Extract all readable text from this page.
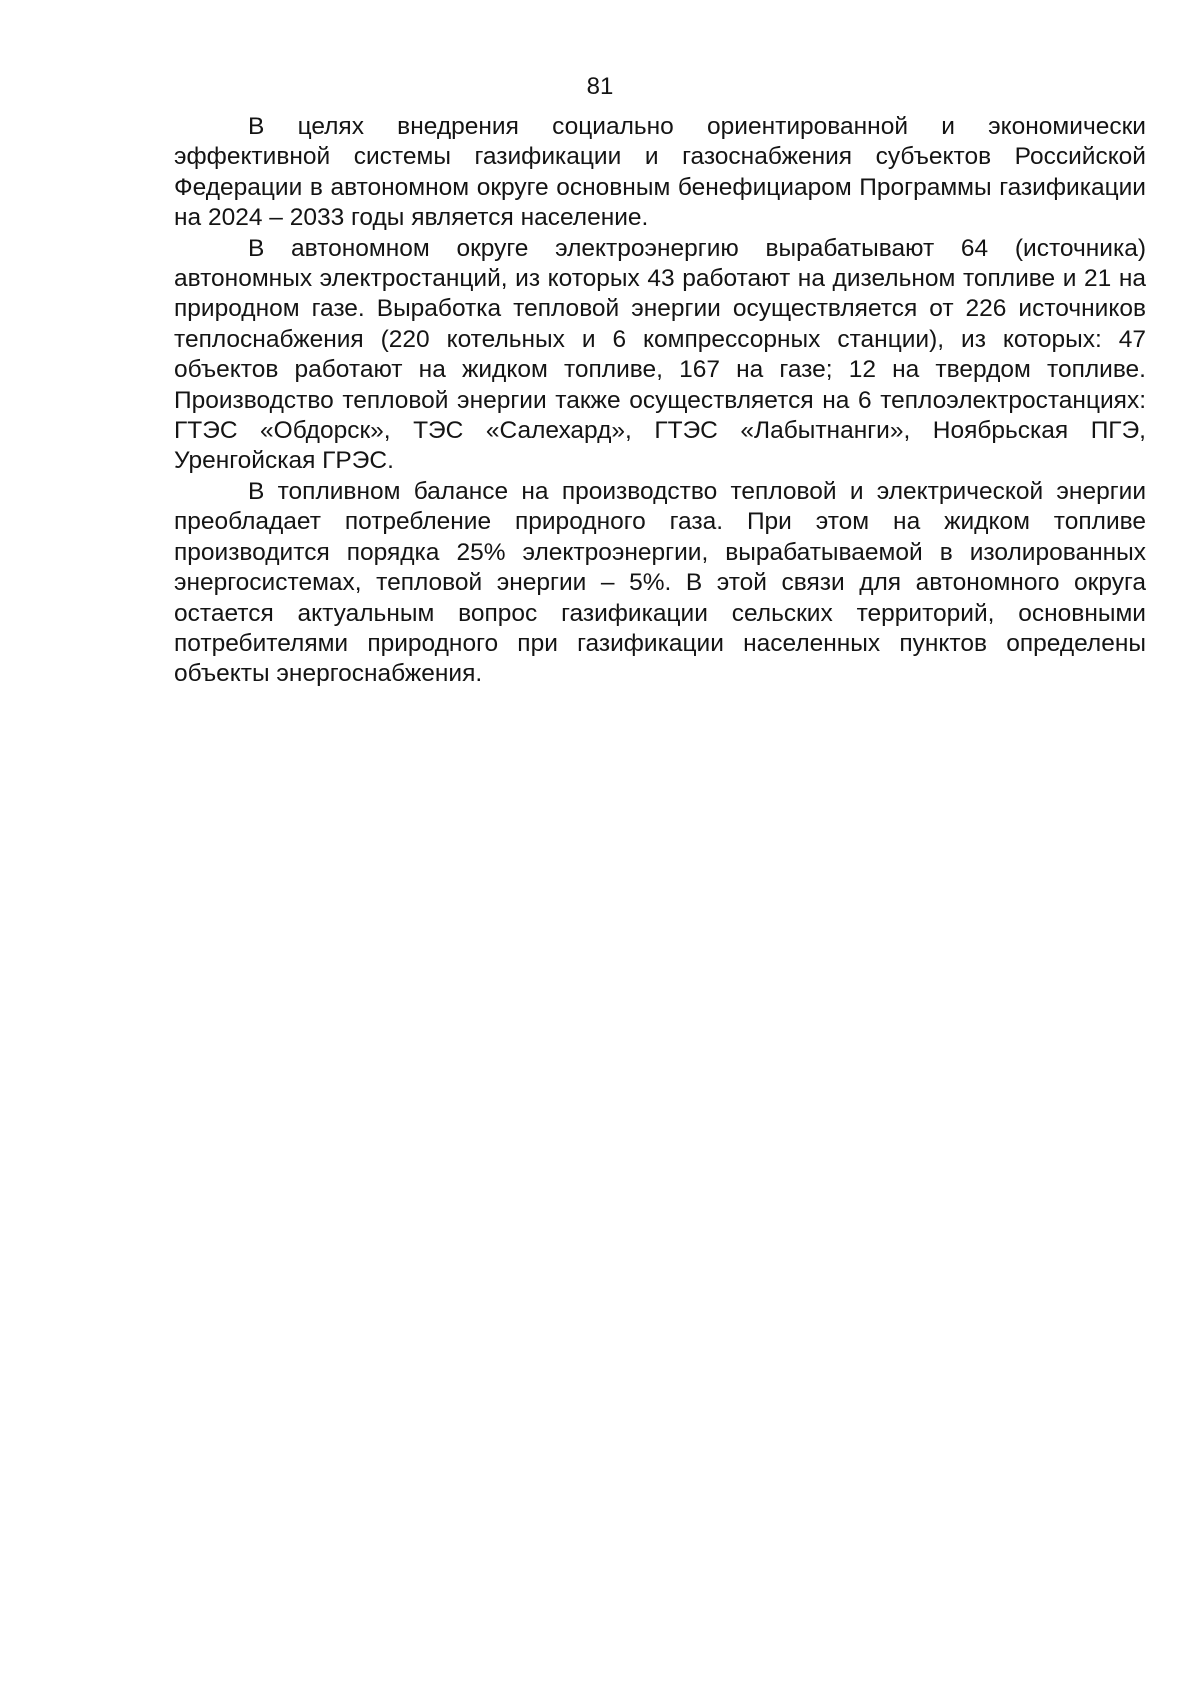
81

В целях внедрения социально ориентированной и экономически эффективной системы газификации и газоснабжения субъектов Российской Федерации в автономном округе основным бенефициаром Программы газификации на 2024 – 2033 годы является население.

В автономном округе электроэнергию вырабатывают 64 (источника) автономных электростанций, из которых 43 работают на дизельном топливе и 21 на природном газе. Выработка тепловой энергии осуществляется от 226 источников теплоснабжения (220 котельных и 6 компрессорных станции), из которых: 47 объектов работают на жидком топливе, 167 на газе; 12 на твердом топливе. Производство тепловой энергии также осуществляется на 6 теплоэлектростанциях: ГТЭС «Обдорск», ТЭС «Салехард», ГТЭС «Лабытнанги», Ноябрьская ПГЭ, Уренгойская ГРЭС.

В топливном балансе на производство тепловой и электрической энергии преобладает потребление природного газа. При этом на жидком топливе производится порядка 25% электроэнергии, вырабатываемой в изолированных энергосистемах, тепловой энергии – 5%. В этой связи для автономного округа остается актуальным вопрос газификации сельских территорий, основными потребителями природного при газификации населенных пунктов определены объекты энергоснабжения.
